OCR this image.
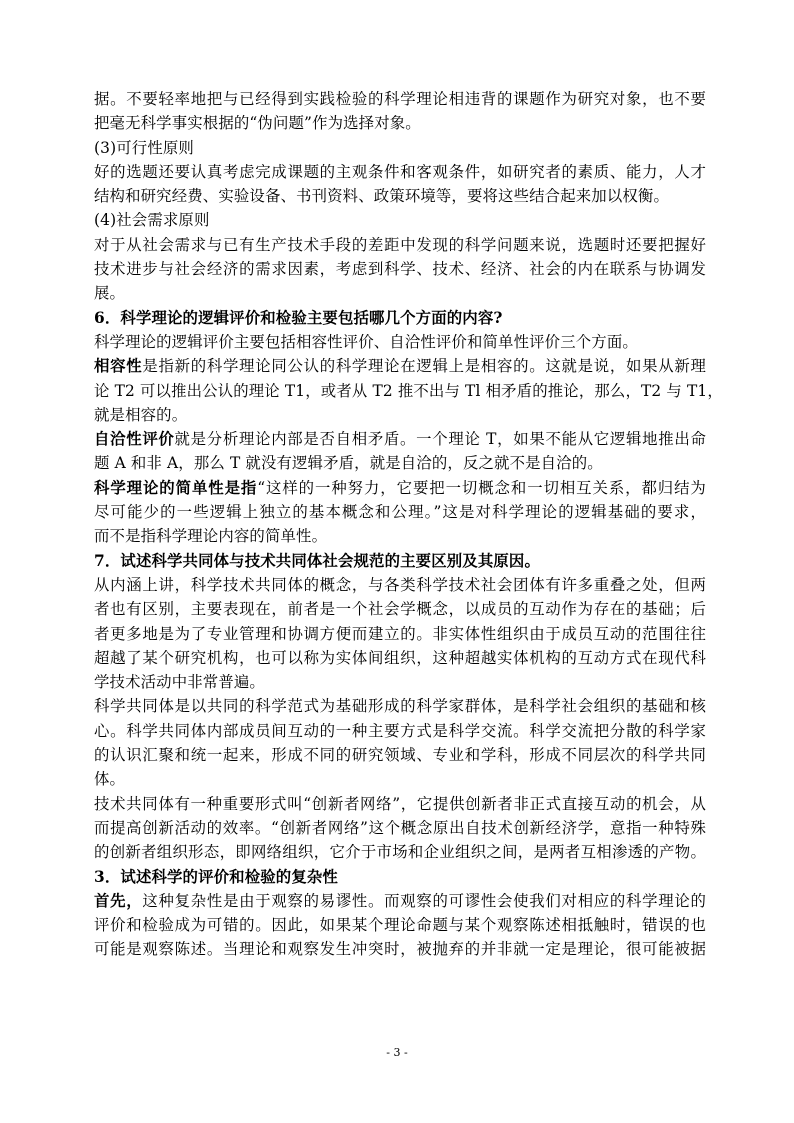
据。不要轻率地把与已经得到实践检验的科学理论相违背的课题作为研究对象，也不要

把毫无科学事实根据的“伪问题”作为选择对象。

(3)可行性原则

好的选题还要认真考虑完成课题的主观条件和客观条件，如研究者的素质、能力，人才

结构和研究经费、实验设备、书刊资料、政策环境等，要将这些结合起来加以权衡。

(4)社会需求原则

对于从社会需求与已有生产技术手段的差距中发现的科学问题来说，选题时还要把握好

技术进步与社会经济的需求因素，考虑到科学、技术、经济、社会的内在联系与协调发

展。

6．科学理论的逻辑评价和检验主要包括哪几个方面的内容?

科学理论的逻辑评价主要包括相容性评价、自洽性评价和简单性评价三个方面。

相容性是指新的科学理论同公认的科学理论在逻辑上是相容的。这就是说，如果从新理

论 T2 可以推出公认的理论 T1，或者从 T2 推不出与 Tl 相矛盾的推论，那么，T2 与 T1，

就是相容的。

自洽性评价就是分析理论内部是否自相矛盾。一个理论 T，如果不能从它逻辑地推出命

题 A 和非 A，那么 T 就没有逻辑矛盾，就是自洽的，反之就不是自洽的。

科学理论的简单性是指“这样的一种努力，它要把一切概念和一切相互关系，都归结为

尽可能少的一些逻辑上独立的基本概念和公理。”这是对科学理论的逻辑基础的要求，

而不是指科学理论内容的简单性。

7．试述科学共同体与技术共同体社会规范的主要区别及其原因。

从内涵上讲，科学技术共同体的概念，与各类科学技术社会团体有许多重叠之处，但两

者也有区别，主要表现在，前者是一个社会学概念，以成员的互动作为存在的基础；后

者更多地是为了专业管理和协调方便而建立的。非实体性组织由于成员互动的范围往往

超越了某个研究机构，也可以称为实体间组织，这种超越实体机构的互动方式在现代科

学技术活动中非常普遍。

科学共同体是以共同的科学范式为基础形成的科学家群体，是科学社会组织的基础和核

心。科学共同体内部成员间互动的一种主要方式是科学交流。科学交流把分散的科学家

的认识汇聚和统一起来，形成不同的研究领域、专业和学科，形成不同层次的科学共同

体。

技术共同体有一种重要形式叫“创新者网络”，它提供创新者非正式直接互动的机会，从

而提高创新活动的效率。“创新者网络”这个概念原出自技术创新经济学，意指一种特殊

的创新者组织形态，即网络组织，它介于市场和企业组织之间，是两者互相渗透的产物。

3．试述科学的评价和检验的复杂性

首先，这种复杂性是由于观察的易谬性。而观察的可谬性会使我们对相应的科学理论的

评价和检验成为可错的。因此，如果某个理论命题与某个观察陈述相抵触时，错误的也

可能是观察陈述。当理论和观察发生冲突时，被抛弃的并非就一定是理论，很可能被据

- 3 -
